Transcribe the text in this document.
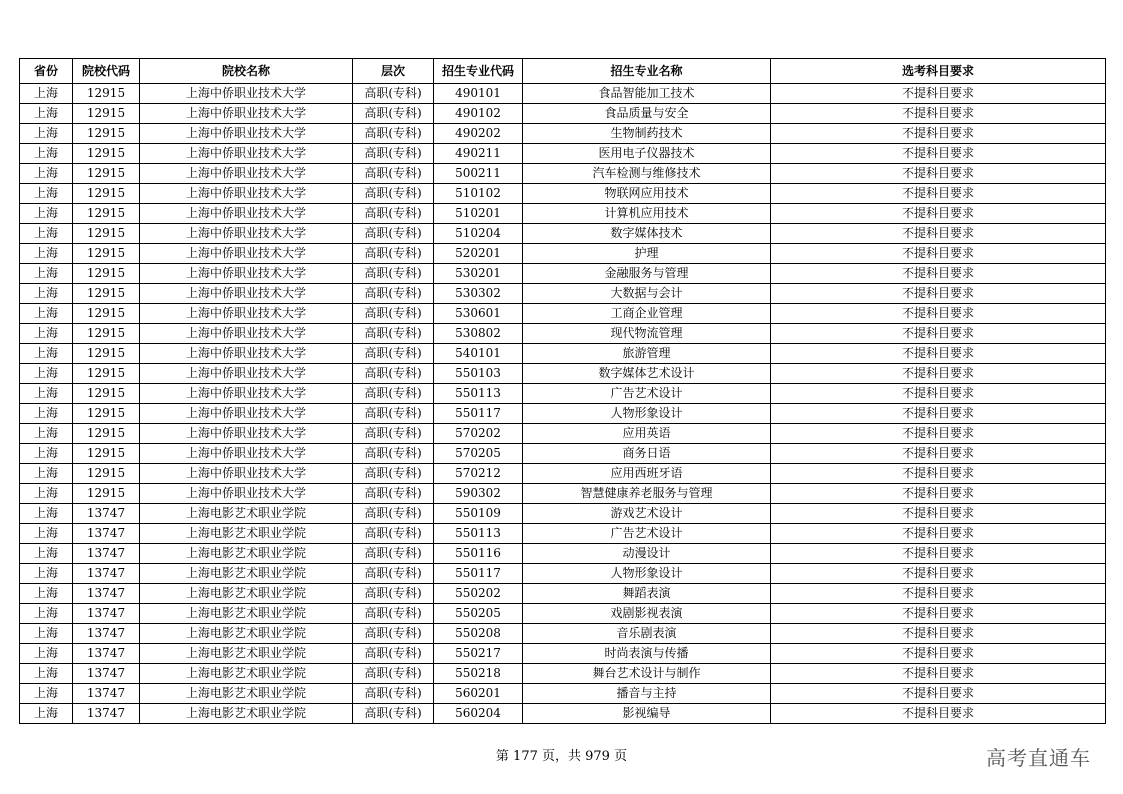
省份	院校代码	院校名称	层次	招生专业代码	招生专业名称	选考科目要求
上海	12915	上海中侨职业技术大学	高职(专科)	490101	食品智能加工技术	不提科目要求
上海	12915	上海中侨职业技术大学	高职(专科)	490102	食品质量与安全	不提科目要求
上海	12915	上海中侨职业技术大学	高职(专科)	490202	生物制药技术	不提科目要求
上海	12915	上海中侨职业技术大学	高职(专科)	490211	医用电子仪器技术	不提科目要求
上海	12915	上海中侨职业技术大学	高职(专科)	500211	汽车检测与维修技术	不提科目要求
上海	12915	上海中侨职业技术大学	高职(专科)	510102	物联网应用技术	不提科目要求
上海	12915	上海中侨职业技术大学	高职(专科)	510201	计算机应用技术	不提科目要求
上海	12915	上海中侨职业技术大学	高职(专科)	510204	数字媒体技术	不提科目要求
上海	12915	上海中侨职业技术大学	高职(专科)	520201	护理	不提科目要求
上海	12915	上海中侨职业技术大学	高职(专科)	530201	金融服务与管理	不提科目要求
上海	12915	上海中侨职业技术大学	高职(专科)	530302	大数据与会计	不提科目要求
上海	12915	上海中侨职业技术大学	高职(专科)	530601	工商企业管理	不提科目要求
上海	12915	上海中侨职业技术大学	高职(专科)	530802	现代物流管理	不提科目要求
上海	12915	上海中侨职业技术大学	高职(专科)	540101	旅游管理	不提科目要求
上海	12915	上海中侨职业技术大学	高职(专科)	550103	数字媒体艺术设计	不提科目要求
上海	12915	上海中侨职业技术大学	高职(专科)	550113	广告艺术设计	不提科目要求
上海	12915	上海中侨职业技术大学	高职(专科)	550117	人物形象设计	不提科目要求
上海	12915	上海中侨职业技术大学	高职(专科)	570202	应用英语	不提科目要求
上海	12915	上海中侨职业技术大学	高职(专科)	570205	商务日语	不提科目要求
上海	12915	上海中侨职业技术大学	高职(专科)	570212	应用西班牙语	不提科目要求
上海	12915	上海中侨职业技术大学	高职(专科)	590302	智慧健康养老服务与管理	不提科目要求
上海	13747	上海电影艺术职业学院	高职(专科)	550109	游戏艺术设计	不提科目要求
上海	13747	上海电影艺术职业学院	高职(专科)	550113	广告艺术设计	不提科目要求
上海	13747	上海电影艺术职业学院	高职(专科)	550116	动漫设计	不提科目要求
上海	13747	上海电影艺术职业学院	高职(专科)	550117	人物形象设计	不提科目要求
上海	13747	上海电影艺术职业学院	高职(专科)	550202	舞蹈表演	不提科目要求
上海	13747	上海电影艺术职业学院	高职(专科)	550205	戏剧影视表演	不提科目要求
上海	13747	上海电影艺术职业学院	高职(专科)	550208	音乐剧表演	不提科目要求
上海	13747	上海电影艺术职业学院	高职(专科)	550217	时尚表演与传播	不提科目要求
上海	13747	上海电影艺术职业学院	高职(专科)	550218	舞台艺术设计与制作	不提科目要求
上海	13747	上海电影艺术职业学院	高职(专科)	560201	播音与主持	不提科目要求
上海	13747	上海电影艺术职业学院	高职(专科)	560204	影视编导	不提科目要求
第 177 页，共 979 页	高考直通车
